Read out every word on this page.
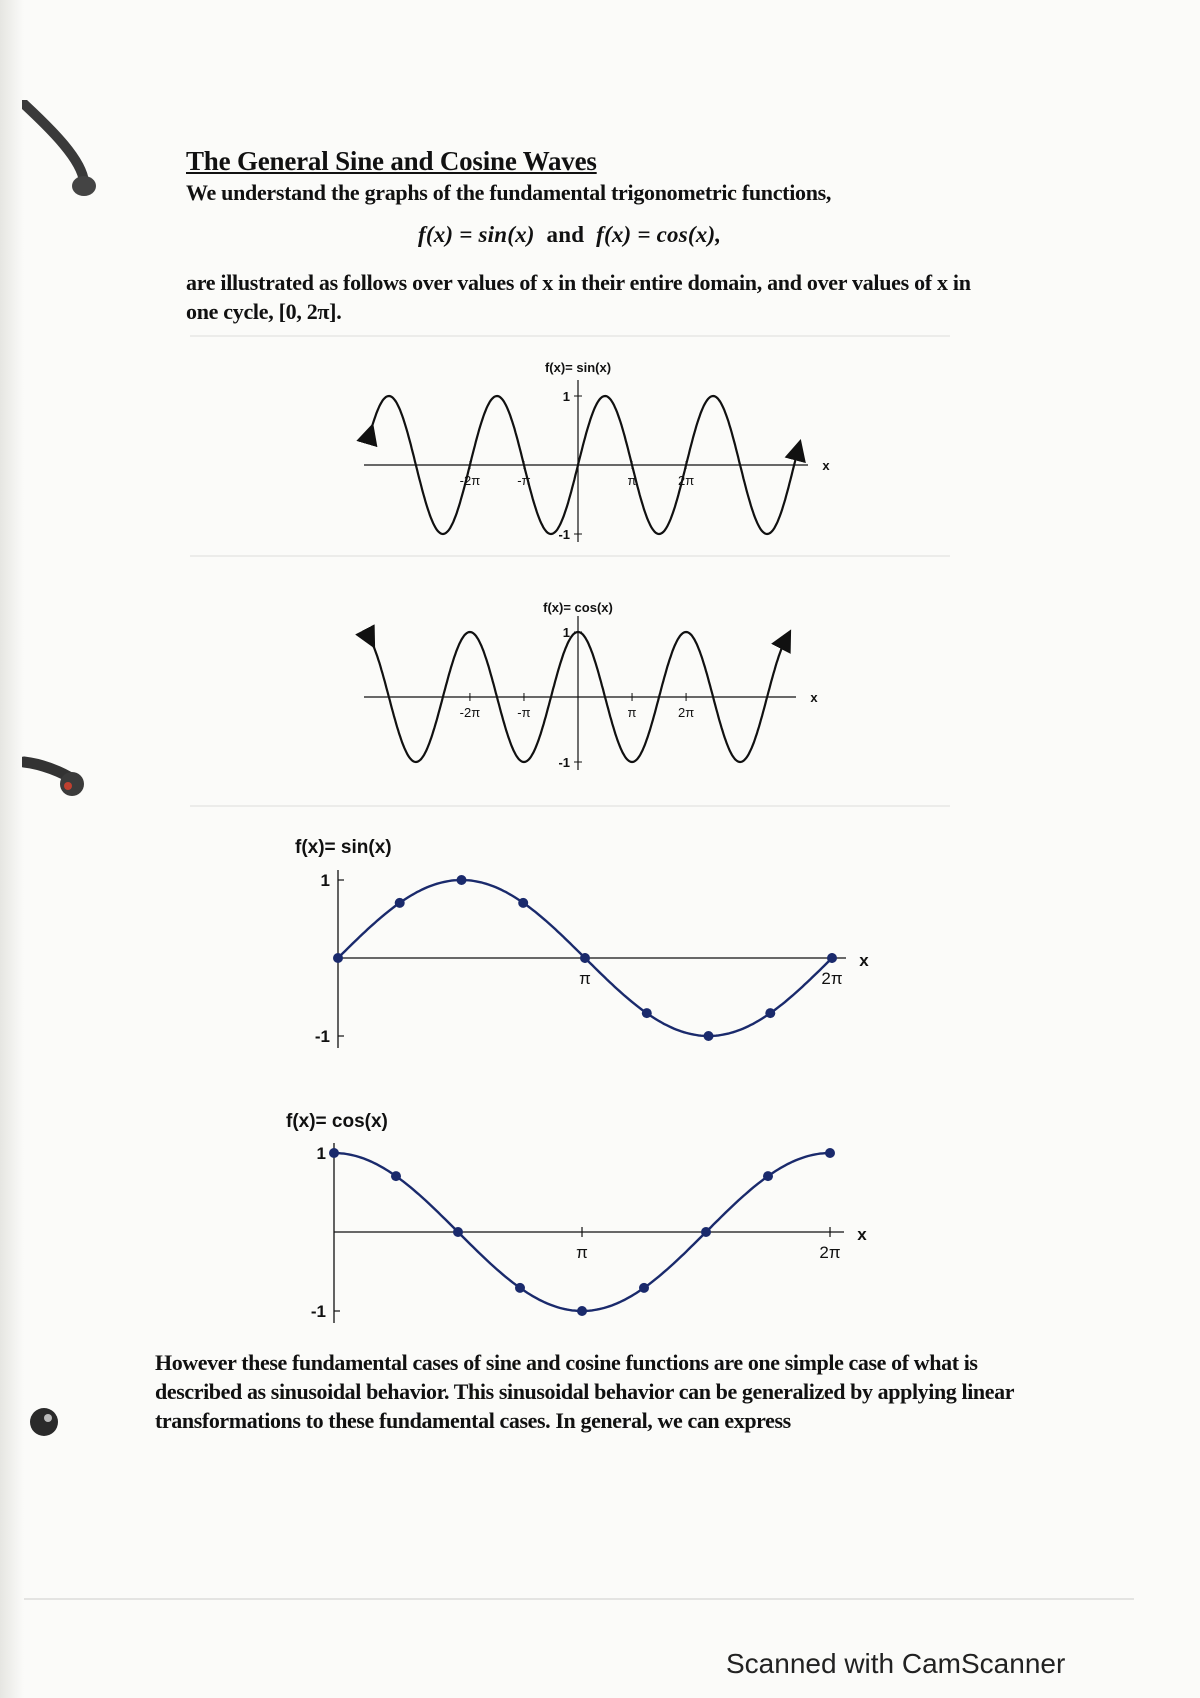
The General Sine and Cosine Waves
We understand the graphs of the fundamental trigonometric functions,
f(x) = sin(x) and f(x) = cos(x),
are illustrated as follows over values of x in their entire domain, and over values of x in one cycle, [0, 2π].
f(x)= sin(x)
x
1
-1
-2π	-π	π	2π
f(x)= cos(x)
x
1
-1
-2π	-π	π	2π
f(x)= sin(x)
x
1
-1
π	2π
f(x)= cos(x)
x
1
-1
π	2π
However these fundamental cases of sine and cosine functions are one simple case of what is described as sinusoidal behavior. This sinusoidal behavior can be generalized by applying linear transformations to these fundamental cases. In general, we can express
Scanned with CamScanner
